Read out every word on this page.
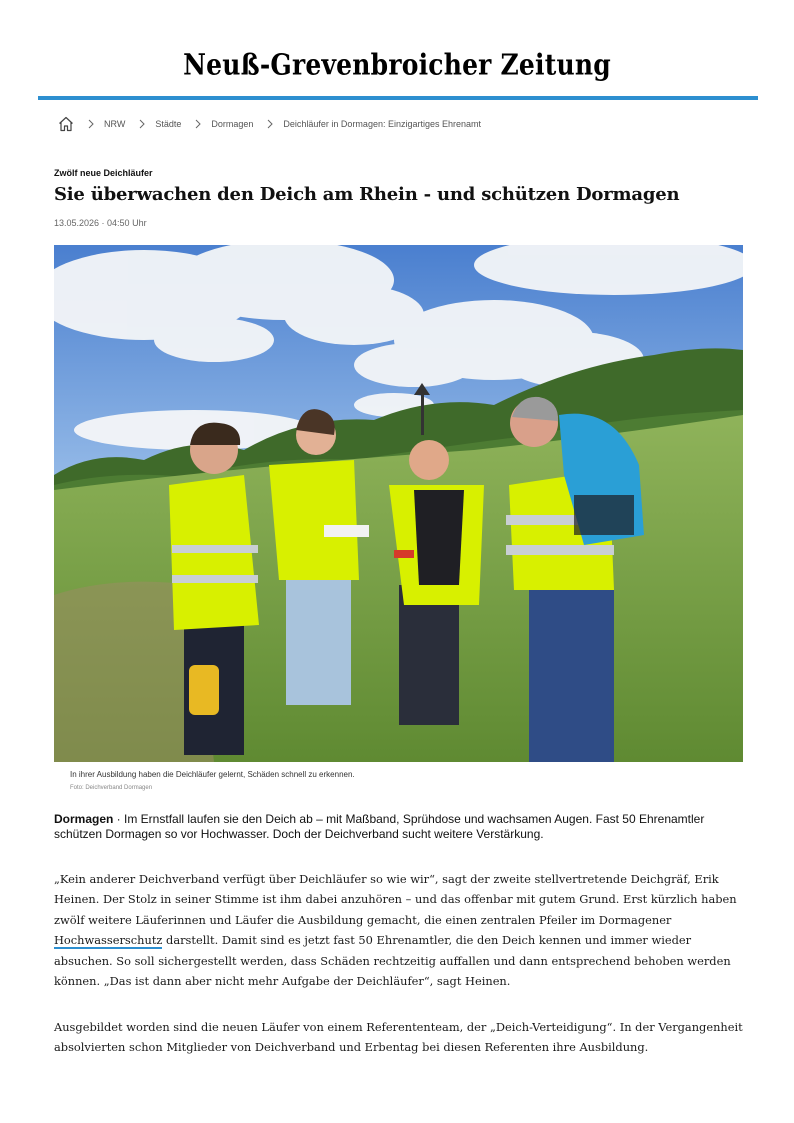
Neuß-Grevenbroicher Zeitung
NRW	Städte	Dormagen	Deichläufer in Dormagen: Einzigartiges Ehrenamt
Zwölf neue Deichläufer
Sie überwachen den Deich am Rhein - und schützen Dormagen
13.05.2026 · 04:50 Uhr
In ihrer Ausbildung haben die Deichläufer gelernt, Schäden schnell zu erkennen.
Foto: Deichverband Dormagen

Dormagen · Im Ernstfall laufen sie den Deich ab – mit Maßband, Sprühdose und wachsamen Augen. Fast 50 Ehrenamtler schützen Dormagen so vor Hochwasser. Doch der Deichverband sucht weitere Verstärkung.

„Kein anderer Deichverband verfügt über Deichläufer so wie wir“, sagt der zweite stellvertretende Deichgräf, Erik Heinen. Der Stolz in seiner Stimme ist ihm dabei anzuhören – und das offenbar mit gutem Grund. Erst kürzlich haben zwölf weitere Läuferinnen und Läufer die Ausbildung gemacht, die einen zentralen Pfeiler im Dormagener Hochwasserschutz darstellt. Damit sind es jetzt fast 50 Ehrenamtler, die den Deich kennen und immer wieder absuchen. So soll sichergestellt werden, dass Schäden rechtzeitig auffallen und dann entsprechend behoben werden können. „Das ist dann aber nicht mehr Aufgabe der Deichläufer“, sagt Heinen.

Ausgebildet worden sind die neuen Läufer von einem Referententeam, der „Deich-Verteidigung“. In der Vergangenheit absolvierten schon Mitglieder von Deichverband und Erbentag bei diesen Referenten ihre Ausbildung.
